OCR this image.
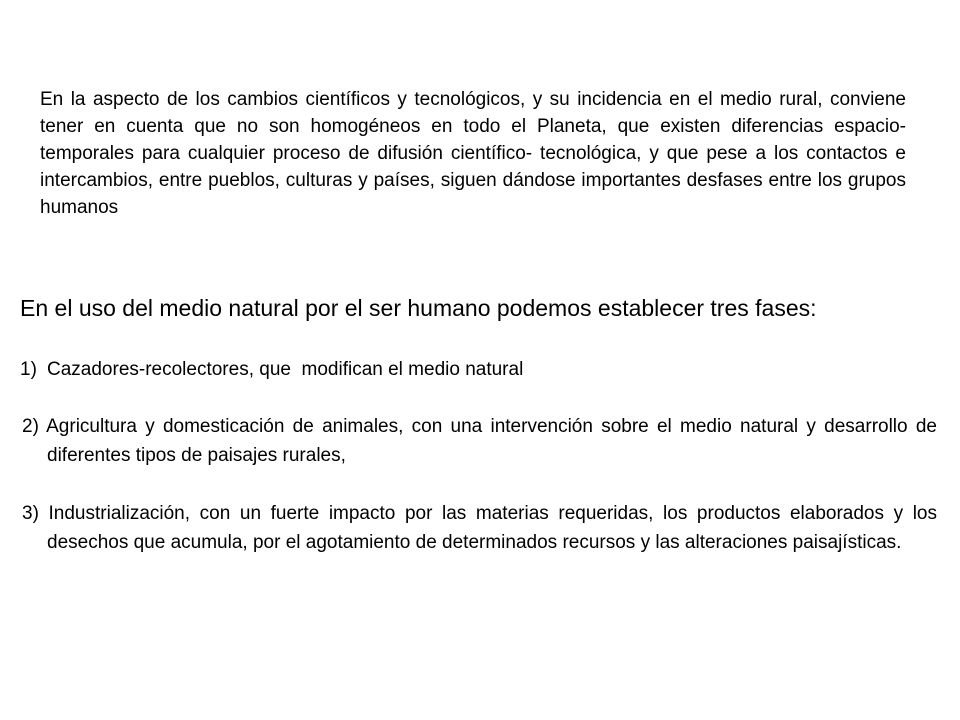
En la aspecto de los cambios científicos y tecnológicos, y su incidencia en el medio rural, conviene tener en cuenta que no son homogéneos en todo el Planeta, que existen diferencias espacio-temporales para cualquier proceso de difusión científico- tecnológica, y que pese a los contactos e intercambios, entre pueblos, culturas y países, siguen dándose importantes desfases entre los grupos humanos

En el uso del medio natural por el ser humano podemos establecer tres fases:
1) Cazadores-recolectores, que  modifican el medio natural
2) Agricultura y domesticación de animales, con una intervención sobre el medio natural y desarrollo de diferentes tipos de paisajes rurales,
3) Industrialización, con un fuerte impacto por las materias requeridas, los productos elaborados y los desechos que acumula, por el agotamiento de determinados recursos y las alteraciones paisajísticas.
